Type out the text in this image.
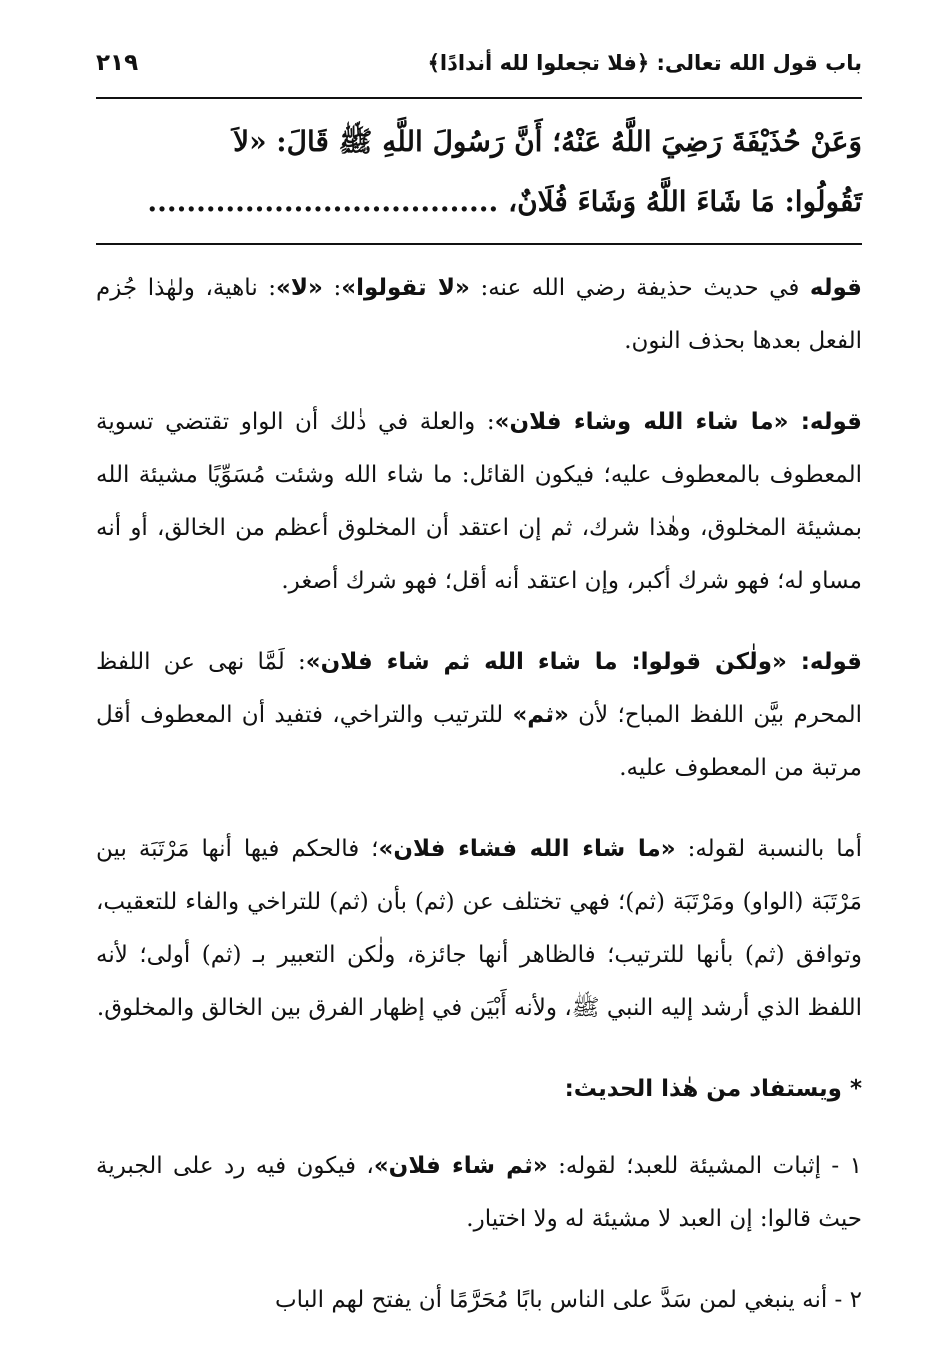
باب قول الله تعالى: ﴿فلا تجعلوا لله أندادًا﴾
٢١٩
وَعَنْ حُذَيْفَةَ رَضِيَ اللَّهُ عَنْهُ؛ أَنَّ رَسُولَ اللَّهِ ﷺ قَالَ: «لاَ
تَقُولُوا: مَا شَاءَ اللَّهُ وَشَاءَ فُلَانٌ، ....................................

قوله في حديث حذيفة رضي الله عنه: «لا تقولوا»: «لا»: ناهية، ولهٰذا جُزم الفعل بعدها بحذف النون.

قوله: «ما شاء الله وشاء فلان»: والعلة في ذٰلك أن الواو تقتضي تسوية المعطوف بالمعطوف عليه؛ فيكون القائل: ما شاء الله وشئت مُسَوِّيًا مشيئة الله بمشيئة المخلوق، وهٰذا شرك، ثم إن اعتقد أن المخلوق أعظم من الخالق، أو أنه مساو له؛ فهو شرك أكبر، وإن اعتقد أنه أقل؛ فهو شرك أصغر.

قوله: «ولٰكن قولوا: ما شاء الله ثم شاء فلان»: لَمَّا نهى عن اللفظ المحرم بيَّن اللفظ المباح؛ لأن «ثم» للترتيب والتراخي، فتفيد أن المعطوف أقل مرتبة من المعطوف عليه.

أما بالنسبة لقوله: «ما شاء الله فشاء فلان»؛ فالحكم فيها أنها مَرْتَبَة بين مَرْتَبَة (الواو) ومَرْتَبَة (ثم)؛ فهي تختلف عن (ثم) بأن (ثم) للتراخي والفاء للتعقيب، وتوافق (ثم) بأنها للترتيب؛ فالظاهر أنها جائزة، ولٰكن التعبير بـ (ثم) أولى؛ لأنه اللفظ الذي أرشد إليه النبي ﷺ، ولأنه أَبْيَن في إظهار الفرق بين الخالق والمخلوق.

* ويستفاد من هٰذا الحديث:

١ - إثبات المشيئة للعبد؛ لقوله: «ثم شاء فلان»، فيكون فيه رد على الجبرية حيث قالوا: إن العبد لا مشيئة له ولا اختيار.

٢ - أنه ينبغي لمن سَدَّ على الناس بابًا مُحَرَّمًا أن يفتح لهم الباب
